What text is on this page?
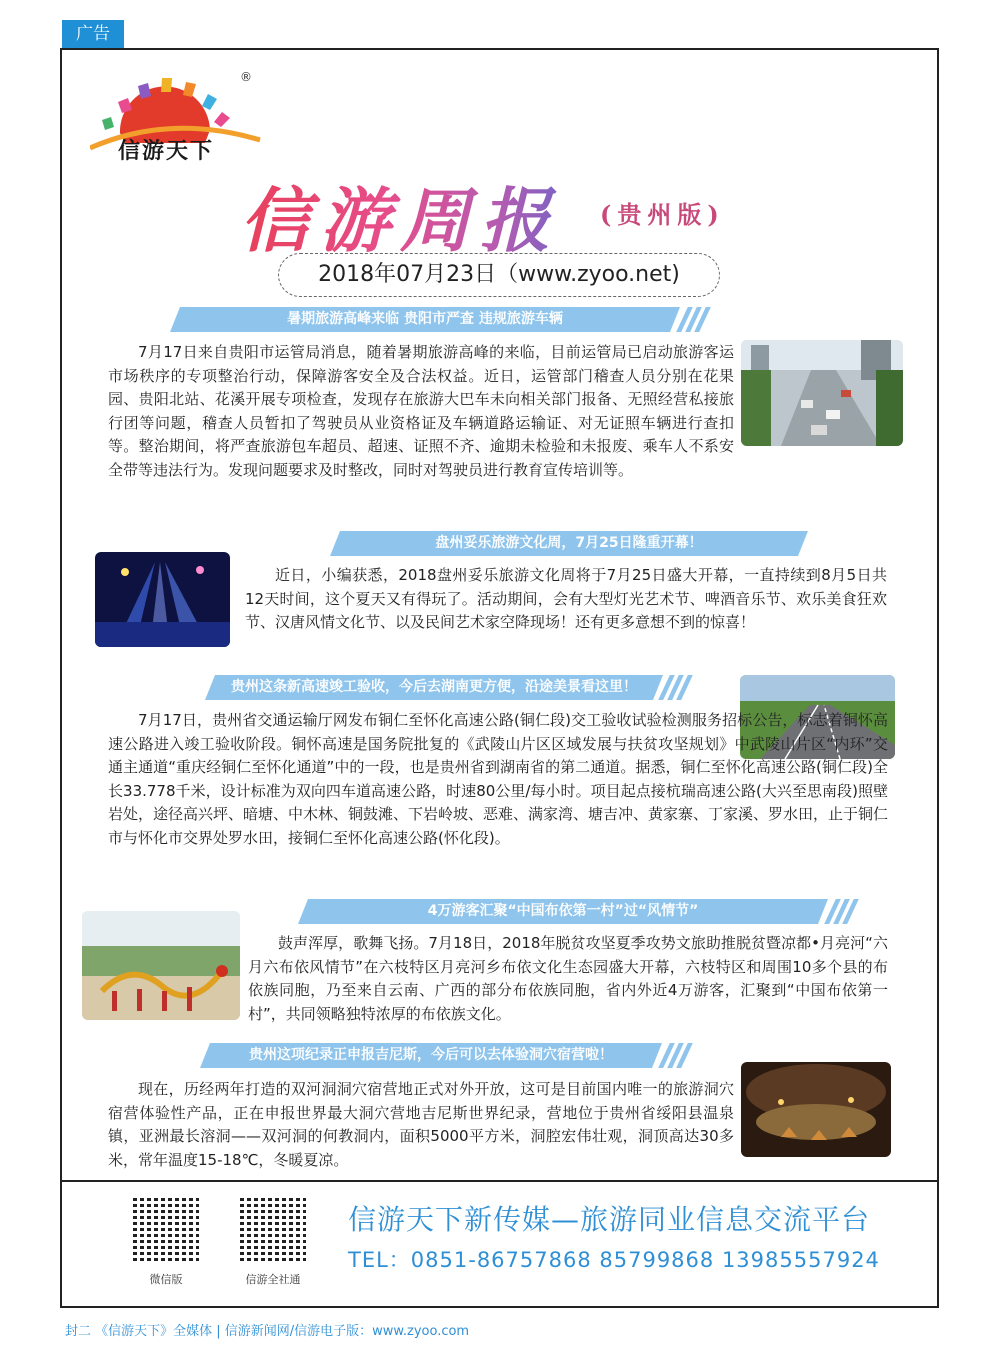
广告
®
信游天下
信游周报 (贵州版)
2018年07月23日（www.zyoo.net)
暑期旅游高峰来临 贵阳市严查 违规旅游车辆
7月17日来自贵阳市运管局消息，随着暑期旅游高峰的来临，目前运管局已启动旅游客运市场秩序的专项整治行动，保障游客安全及合法权益。近日，运管部门稽查人员分别在花果园、贵阳北站、花溪开展专项检查，发现存在旅游大巴车未向相关部门报备、无照经营私接旅行团等问题，稽查人员暂扣了驾驶员从业资格证及车辆道路运输证、对无证照车辆进行查扣等。整治期间，将严查旅游包车超员、超速、证照不齐、逾期未检验和未报废、乘车人不系安全带等违法行为。发现问题要求及时整改，同时对驾驶员进行教育宣传培训等。
盘州妥乐旅游文化周，7月25日隆重开幕！
近日，小编获悉，2018盘州妥乐旅游文化周将于7月25日盛大开幕，一直持续到8月5日共12天时间，这个夏天又有得玩了。活动期间，会有大型灯光艺术节、啤酒音乐节、欢乐美食狂欢节、汉唐风情文化节、以及民间艺术家空降现场！还有更多意想不到的惊喜！
贵州这条新高速竣工验收，今后去湖南更方便，沿途美景看这里！
7月17日，贵州省交通运输厅网发布铜仁至怀化高速公路(铜仁段)交工验收试验检测服务招标公告，标志着铜怀高速公路进入竣工验收阶段。铜怀高速是国务院批复的《武陵山片区区域发展与扶贫攻坚规划》中武陵山片区“内环”交通主通道“重庆经铜仁至怀化通道”中的一段，也是贵州省到湖南省的第二通道。据悉，铜仁至怀化高速公路(铜仁段)全长33.778千米，设计标准为双向四车道高速公路，时速80公里/每小时。项目起点接杭瑞高速公路(大兴至思南段)照壁岩处，途径高兴坪、暗塘、中木林、铜鼓滩、下岩岭坡、恶难、满家湾、塘吉冲、黄家寨、丁家溪、罗水田，止于铜仁市与怀化市交界处罗水田，接铜仁至怀化高速公路(怀化段)。
4万游客汇聚“中国布依第一村”过“风情节”
鼓声浑厚，歌舞飞扬。7月18日，2018年脱贫攻坚夏季攻势文旅助推脱贫暨凉都•月亮河“六月六布依风情节”在六枝特区月亮河乡布依文化生态园盛大开幕，六枝特区和周围10多个县的布依族同胞，乃至来自云南、广西的部分布依族同胞，省内外近4万游客，汇聚到“中国布依第一村”，共同领略独特浓厚的布依族文化。
贵州这项纪录正申报吉尼斯，今后可以去体验洞穴宿营啦！
现在，历经两年打造的双河洞洞穴宿营地正式对外开放，这可是目前国内唯一的旅游洞穴宿营体验性产品，正在申报世界最大洞穴营地吉尼斯世界纪录，营地位于贵州省绥阳县温泉镇，亚洲最长溶洞——双河洞的何教洞内，面积5000平方米，洞腔宏伟壮观，洞顶高达30多米，常年温度15-18℃，冬暖夏凉。
微信版	信游全社通
信游天下新传媒—旅游同业信息交流平台
TEL：0851-86757868 85799868 13985557924
封二 《信游天下》全媒体 | 信游新闻网/信游电子版：www.zyoo.com
